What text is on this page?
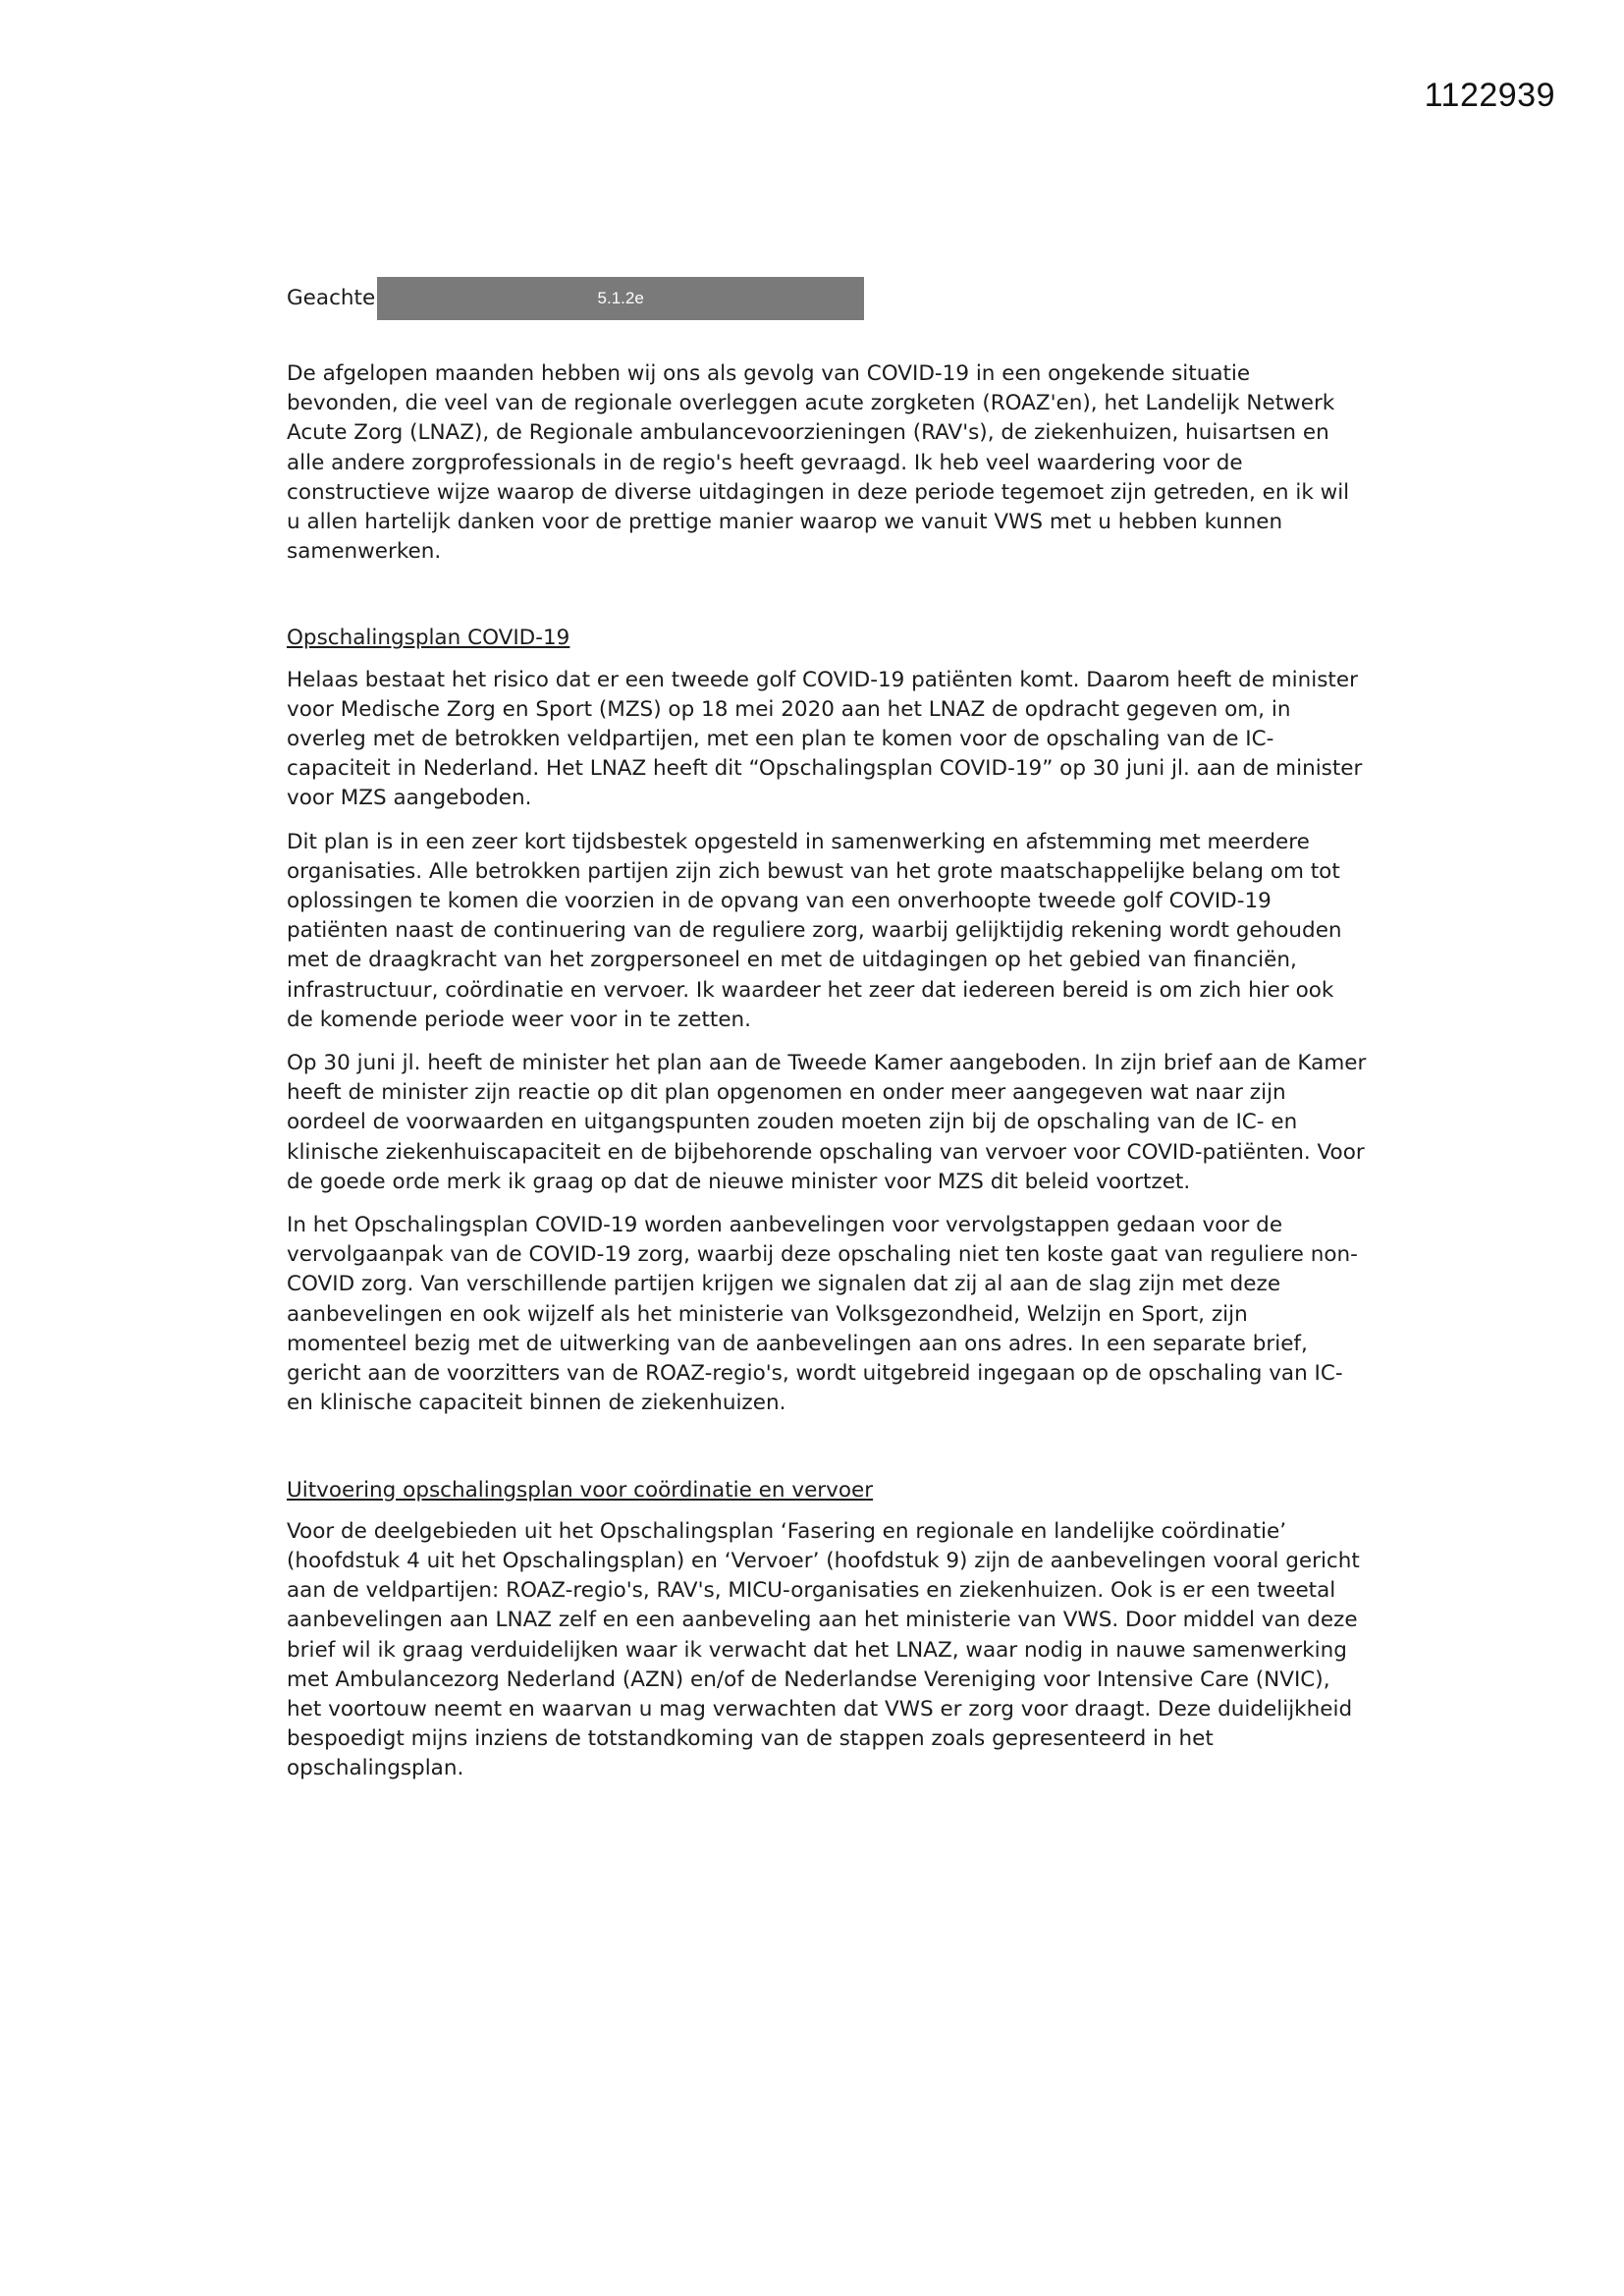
1122939
Geachte	5.1.2e

De afgelopen maanden hebben wij ons als gevolg van COVID-19 in een ongekende situatie bevonden, die veel van de regionale overleggen acute zorgketen (ROAZ'en), het Landelijk Netwerk Acute Zorg (LNAZ), de Regionale ambulancevoorzieningen (RAV's), de ziekenhuizen, huisartsen en alle andere zorgprofessionals in de regio's heeft gevraagd. Ik heb veel waardering voor de constructieve wijze waarop de diverse uitdagingen in deze periode tegemoet zijn getreden, en ik wil u allen hartelijk danken voor de prettige manier waarop we vanuit VWS met u hebben kunnen samenwerken.

Opschalingsplan COVID-19

Helaas bestaat het risico dat er een tweede golf COVID-19 patiënten komt. Daarom heeft de minister voor Medische Zorg en Sport (MZS) op 18 mei 2020 aan het LNAZ de opdracht gegeven om, in overleg met de betrokken veldpartijen, met een plan te komen voor de opschaling van de IC-capaciteit in Nederland. Het LNAZ heeft dit “Opschalingsplan COVID-19” op 30 juni jl. aan de minister voor MZS aangeboden.

Dit plan is in een zeer kort tijdsbestek opgesteld in samenwerking en afstemming met meerdere organisaties. Alle betrokken partijen zijn zich bewust van het grote maatschappelijke belang om tot oplossingen te komen die voorzien in de opvang van een onverhoopte tweede golf COVID-19 patiënten naast de continuering van de reguliere zorg, waarbij gelijktijdig rekening wordt gehouden met de draagkracht van het zorgpersoneel en met de uitdagingen op het gebied van financiën, infrastructuur, coördinatie en vervoer. Ik waardeer het zeer dat iedereen bereid is om zich hier ook de komende periode weer voor in te zetten.

Op 30 juni jl. heeft de minister het plan aan de Tweede Kamer aangeboden. In zijn brief aan de Kamer heeft de minister zijn reactie op dit plan opgenomen en onder meer aangegeven wat naar zijn oordeel de voorwaarden en uitgangspunten zouden moeten zijn bij de opschaling van de IC- en klinische ziekenhuiscapaciteit en de bijbehorende opschaling van vervoer voor COVID-patiënten. Voor de goede orde merk ik graag op dat de nieuwe minister voor MZS dit beleid voortzet.

In het Opschalingsplan COVID-19 worden aanbevelingen voor vervolgstappen gedaan voor de vervolgaanpak van de COVID-19 zorg, waarbij deze opschaling niet ten koste gaat van reguliere non-COVID zorg. Van verschillende partijen krijgen we signalen dat zij al aan de slag zijn met deze aanbevelingen en ook wijzelf als het ministerie van Volksgezondheid, Welzijn en Sport, zijn momenteel bezig met de uitwerking van de aanbevelingen aan ons adres. In een separate brief, gericht aan de voorzitters van de ROAZ-regio's, wordt uitgebreid ingegaan op de opschaling van IC- en klinische capaciteit binnen de ziekenhuizen.

Uitvoering opschalingsplan voor coördinatie en vervoer

Voor de deelgebieden uit het Opschalingsplan ‘Fasering en regionale en landelijke coördinatie’ (hoofdstuk 4 uit het Opschalingsplan) en ‘Vervoer’ (hoofdstuk 9) zijn de aanbevelingen vooral gericht aan de veldpartijen: ROAZ-regio's, RAV's, MICU-organisaties en ziekenhuizen. Ook is er een tweetal aanbevelingen aan LNAZ zelf en een aanbeveling aan het ministerie van VWS. Door middel van deze brief wil ik graag verduidelijken waar ik verwacht dat het LNAZ, waar nodig in nauwe samenwerking met Ambulancezorg Nederland (AZN) en/of de Nederlandse Vereniging voor Intensive Care (NVIC), het voortouw neemt en waarvan u mag verwachten dat VWS er zorg voor draagt. Deze duidelijkheid bespoedigt mijns inziens de totstandkoming van de stappen zoals gepresenteerd in het opschalingsplan.
